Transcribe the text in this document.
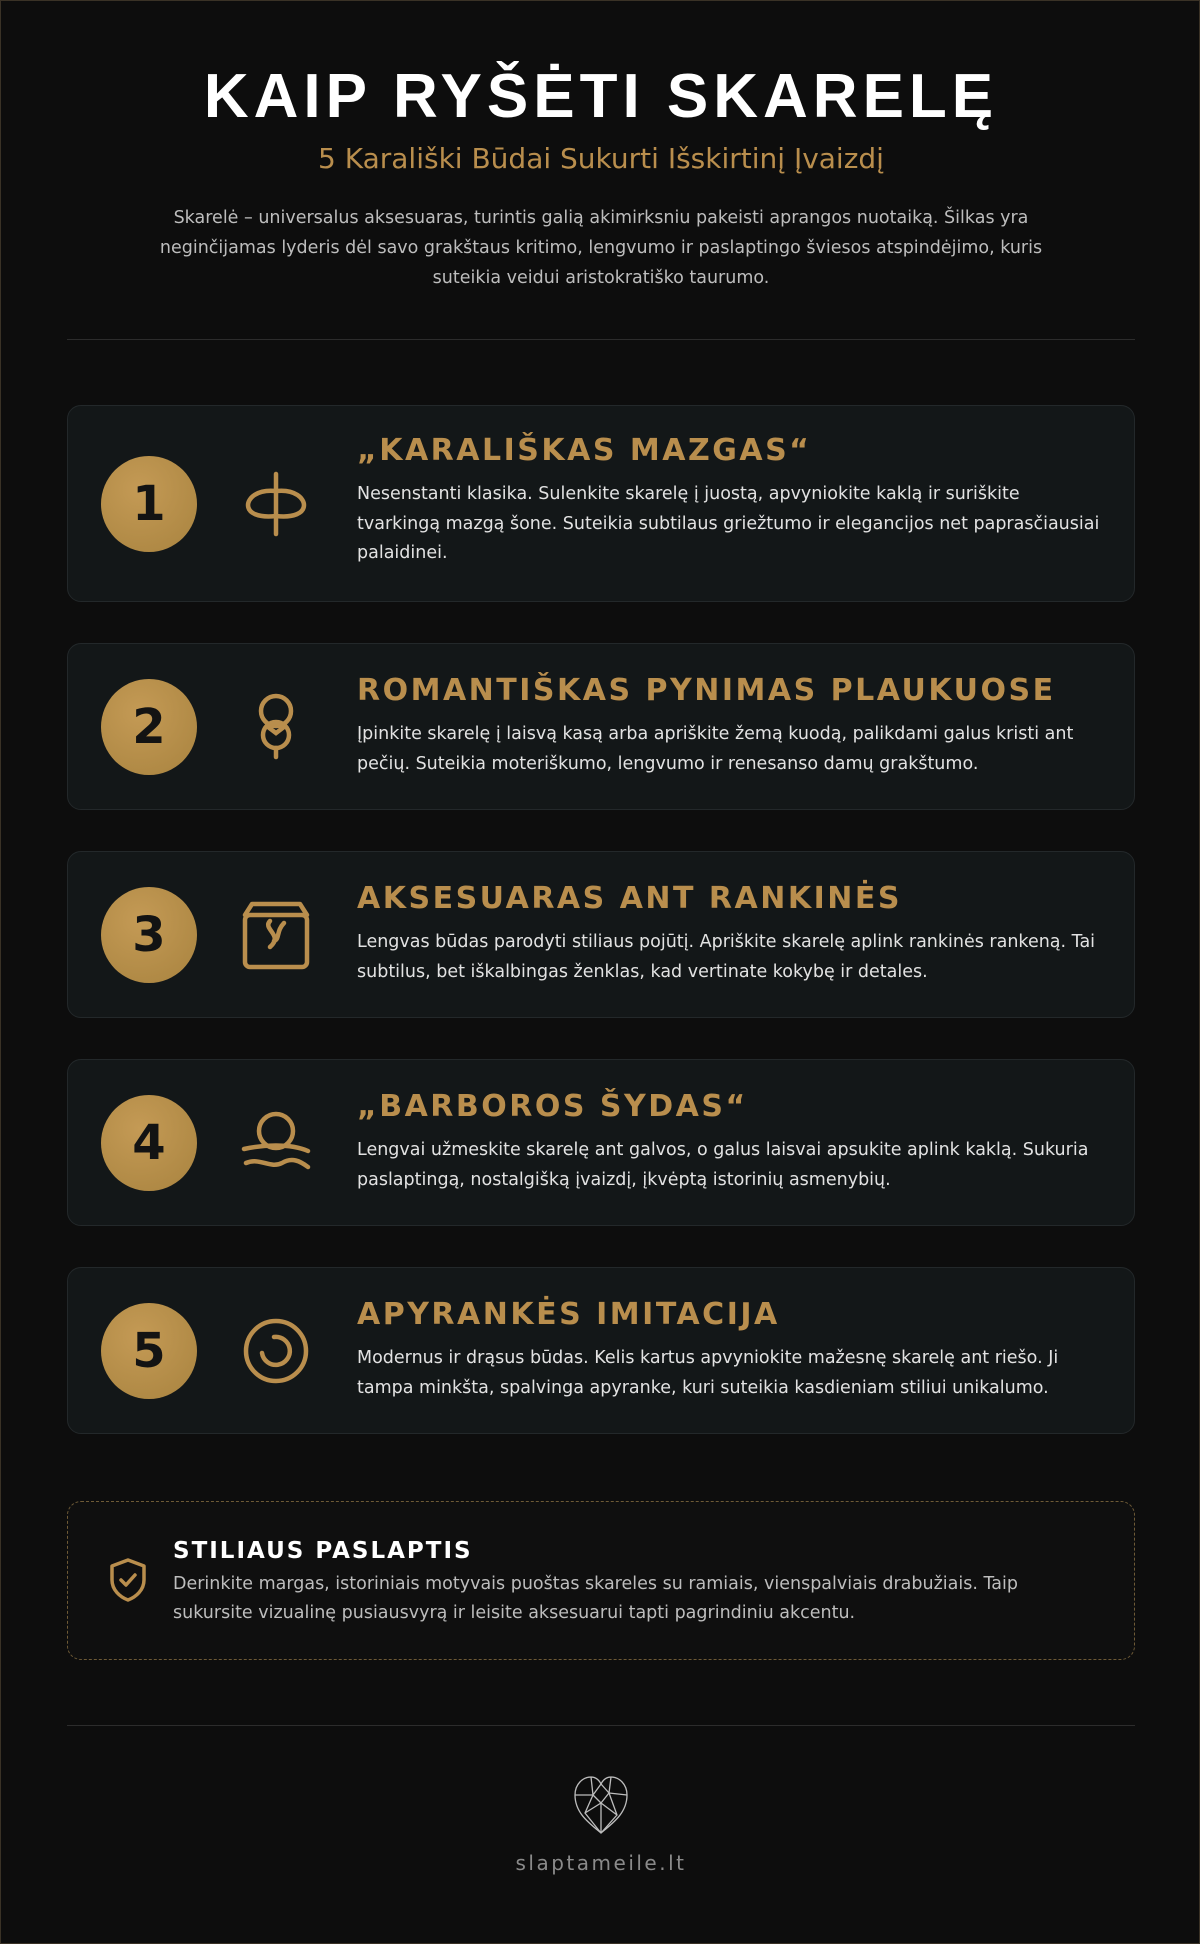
KAIP RYŠĖTI SKARELĘ
5 Karališki Būdai Sukurti Išskirtinį Įvaizdį

Skarelė – universalus aksesuaras, turintis galią akimirksniu pakeisti aprangos nuotaiką. Šilkas yra neginčijamas lyderis dėl savo grakštaus kritimo, lengvumo ir paslaptingo šviesos atspindėjimo, kuris suteikia veidui aristokratiško taurumo.

1
„KARALIŠKAS MAZGAS“
Nesenstanti klasika. Sulenkite skarelę į juostą, apvyniokite kaklą ir suriškite tvarkingą mazgą šone. Suteikia subtilaus griežtumo ir elegancijos net paprasčiausiai palaidinei.
2
ROMANTIŠKAS PYNIMAS PLAUKUOSE
Įpinkite skarelę į laisvą kasą arba apriškite žemą kuodą, palikdami galus kristi ant pečių. Suteikia moteriškumo, lengvumo ir renesanso damų grakštumo.
3
AKSESUARAS ANT RANKINĖS
Lengvas būdas parodyti stiliaus pojūtį. Apriškite skarelę aplink rankinės rankeną. Tai subtilus, bet iškalbingas ženklas, kad vertinate kokybę ir detales.
4
„BARBOROS ŠYDAS“
Lengvai užmeskite skarelę ant galvos, o galus laisvai apsukite aplink kaklą. Sukuria paslaptingą, nostalgišką įvaizdį, įkvėptą istorinių asmenybių.
5
APYRANKĖS IMITACIJA
Modernus ir drąsus būdas. Kelis kartus apvyniokite mažesnę skarelę ant riešo. Ji tampa minkšta, spalvinga apyranke, kuri suteikia kasdieniam stiliui unikalumo.
STILIAUS PASLAPTIS
Derinkite margas, istoriniais motyvais puoštas skareles su ramiais, vienspalviais drabužiais. Taip sukursite vizualinę pusiausvyrą ir leisite aksesuarui tapti pagrindiniu akcentu.
slaptameile.lt
